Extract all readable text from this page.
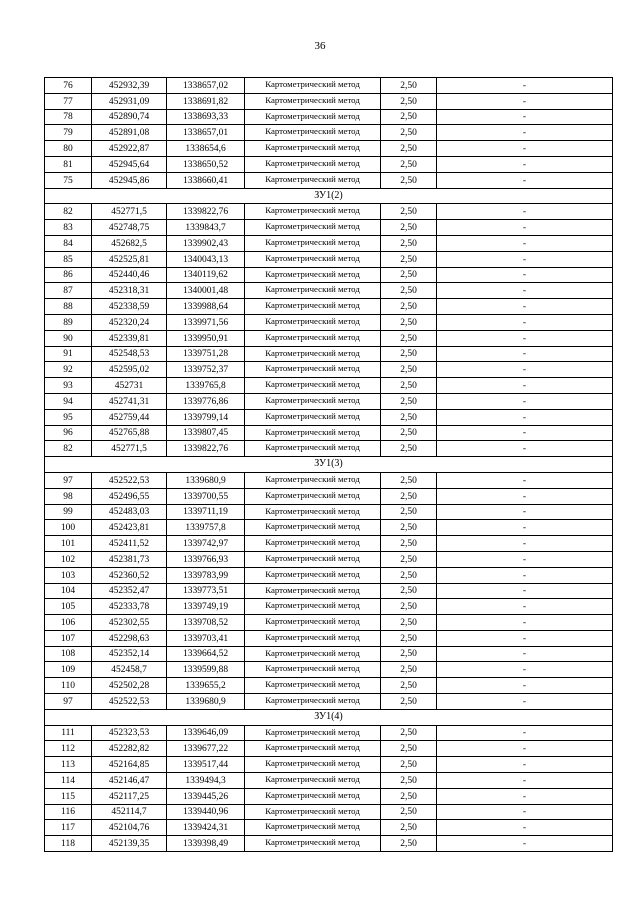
36
76	452932,39	1338657,02	Картометрический метод	2,50	-
77	452931,09	1338691,82	Картометрический метод	2,50	-
78	452890,74	1338693,33	Картометрический метод	2,50	-
79	452891,08	1338657,01	Картометрический метод	2,50	-
80	452922,87	1338654,6	Картометрический метод	2,50	-
81	452945,64	1338650,52	Картометрический метод	2,50	-
75	452945,86	1338660,41	Картометрический метод	2,50	-
ЗУ1(2)					
82	452771,5	1339822,76	Картометрический метод	2,50	-
83	452748,75	1339843,7	Картометрический метод	2,50	-
84	452682,5	1339902,43	Картометрический метод	2,50	-
85	452525,81	1340043,13	Картометрический метод	2,50	-
86	452440,46	1340119,62	Картометрический метод	2,50	-
87	452318,31	1340001,48	Картометрический метод	2,50	-
88	452338,59	1339988,64	Картометрический метод	2,50	-
89	452320,24	1339971,56	Картометрический метод	2,50	-
90	452339,81	1339950,91	Картометрический метод	2,50	-
91	452548,53	1339751,28	Картометрический метод	2,50	-
92	452595,02	1339752,37	Картометрический метод	2,50	-
93	452731	1339765,8	Картометрический метод	2,50	-
94	452741,31	1339776,86	Картометрический метод	2,50	-
95	452759,44	1339799,14	Картометрический метод	2,50	-
96	452765,88	1339807,45	Картометрический метод	2,50	-
82	452771,5	1339822,76	Картометрический метод	2,50	-
ЗУ1(3)					
97	452522,53	1339680,9	Картометрический метод	2,50	-
98	452496,55	1339700,55	Картометрический метод	2,50	-
99	452483,03	1339711,19	Картометрический метод	2,50	-
100	452423,81	1339757,8	Картометрический метод	2,50	-
101	452411,52	1339742,97	Картометрический метод	2,50	-
102	452381,73	1339766,93	Картометрический метод	2,50	-
103	452360,52	1339783,99	Картометрический метод	2,50	-
104	452352,47	1339773,51	Картометрический метод	2,50	-
105	452333,78	1339749,19	Картометрический метод	2,50	-
106	452302,55	1339708,52	Картометрический метод	2,50	-
107	452298,63	1339703,41	Картометрический метод	2,50	-
108	452352,14	1339664,52	Картометрический метод	2,50	-
109	452458,7	1339599,88	Картометрический метод	2,50	-
110	452502,28	1339655,2	Картометрический метод	2,50	-
97	452522,53	1339680,9	Картометрический метод	2,50	-
ЗУ1(4)					
111	452323,53	1339646,09	Картометрический метод	2,50	-
112	452282,82	1339677,22	Картометрический метод	2,50	-
113	452164,85	1339517,44	Картометрический метод	2,50	-
114	452146,47	1339494,3	Картометрический метод	2,50	-
115	452117,25	1339445,26	Картометрический метод	2,50	-
116	452114,7	1339440,96	Картометрический метод	2,50	-
117	452104,76	1339424,31	Картометрический метод	2,50	-
118	452139,35	1339398,49	Картометрический метод	2,50	-
